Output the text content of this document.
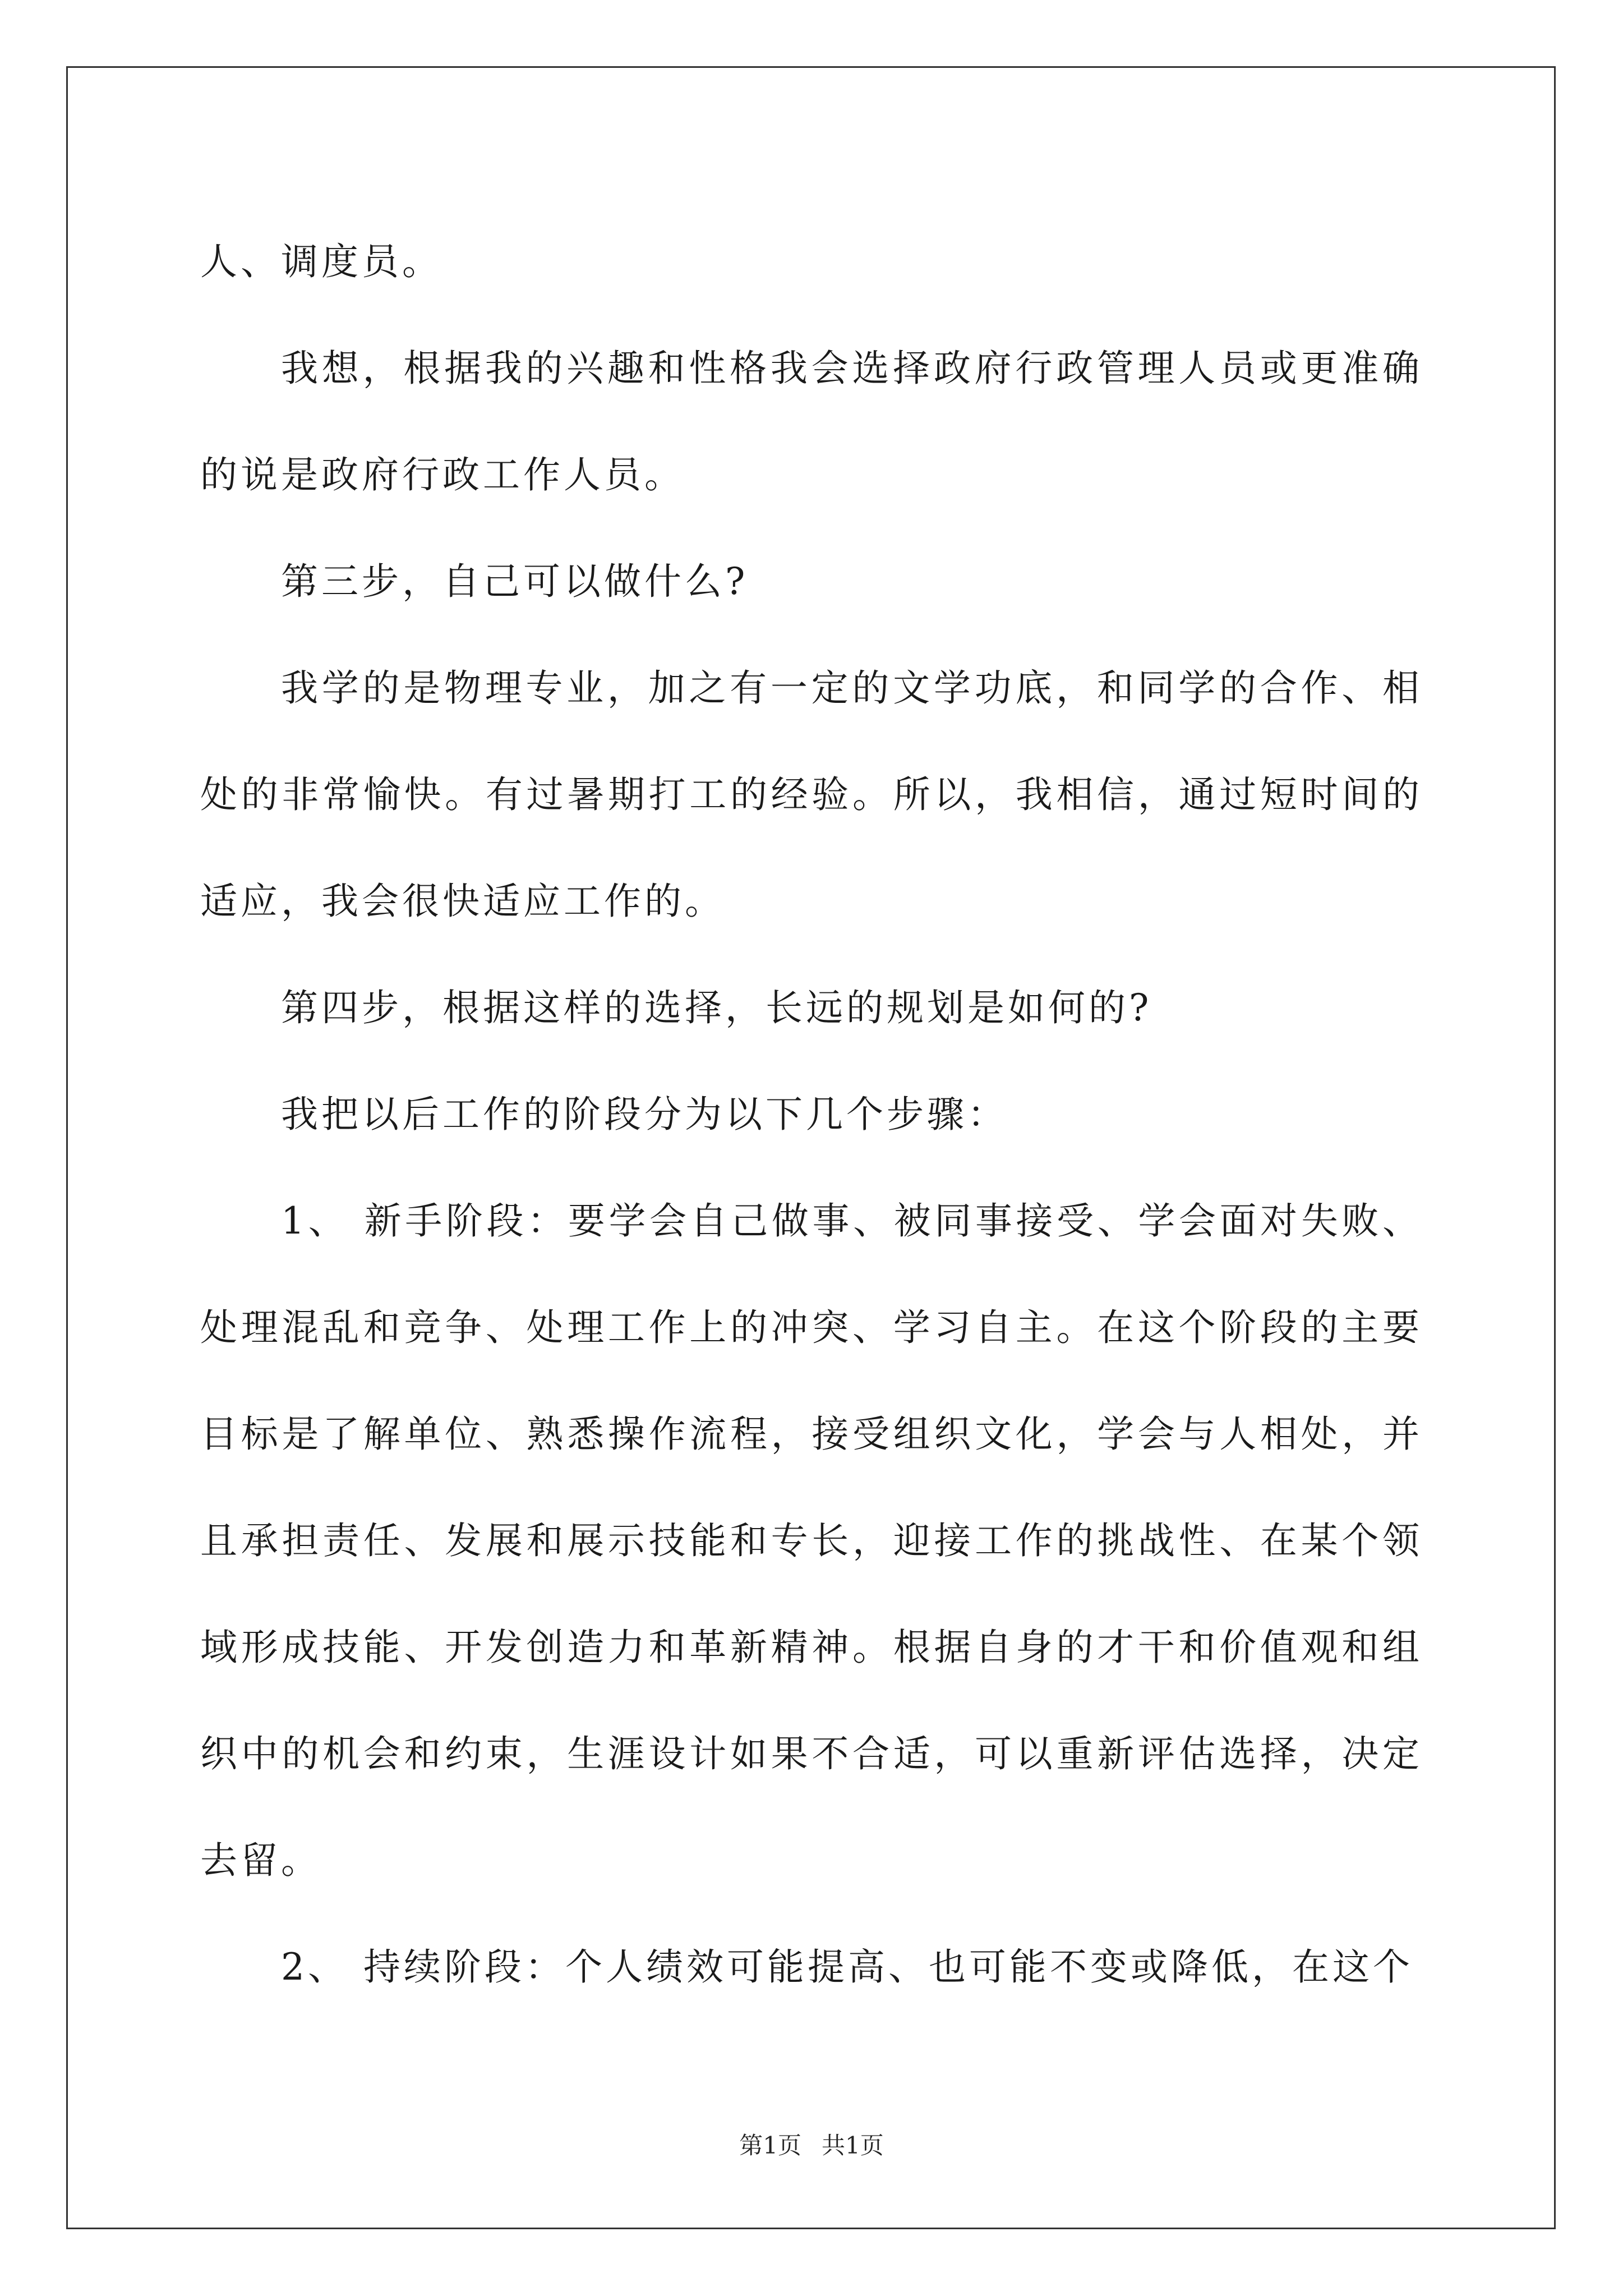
人、调度员。

我想，根据我的兴趣和性格我会选择政府行政管理人员或更准确的说是政府行政工作人员。

第三步，自己可以做什么?

我学的是物理专业，加之有一定的文学功底，和同学的合作、相处的非常愉快。有过暑期打工的经验。所以，我相信，通过短时间的适应，我会很快适应工作的。

第四步，根据这样的选择，长远的规划是如何的?

我把以后工作的阶段分为以下几个步骤：

1、 新手阶段：要学会自己做事、被同事接受、学会面对失败、处理混乱和竞争、处理工作上的冲突、学习自主。在这个阶段的主要目标是了解单位、熟悉操作流程，接受组织文化，学会与人相处，并且承担责任、发展和展示技能和专长，迎接工作的挑战性、在某个领域形成技能、开发创造力和革新精神。根据自身的才干和价值观和组织中的机会和约束，生涯设计如果不合适，可以重新评估选择，决定去留。

2、 持续阶段：个人绩效可能提高、也可能不变或降低，在这个

第1页 共1页
